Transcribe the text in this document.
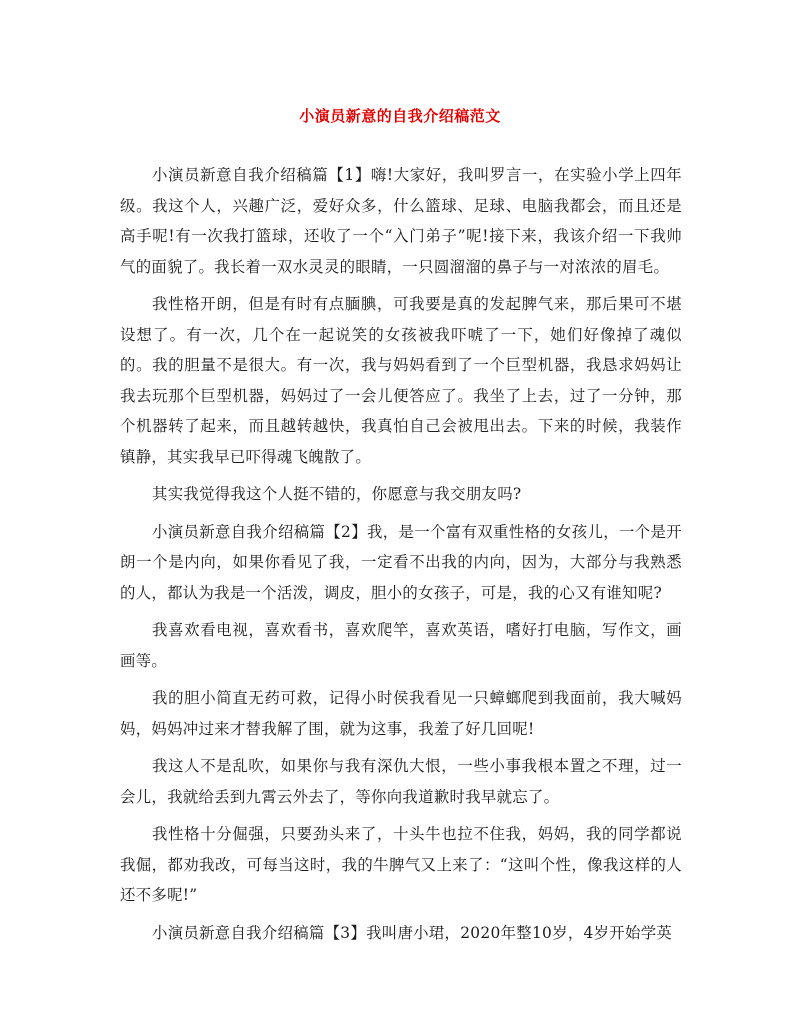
小演员新意的自我介绍稿范文

小演员新意自我介绍稿篇【1】嗨!大家好，我叫罗言一，在实验小学上四年级。我这个人，兴趣广泛，爱好众多，什么篮球、足球、电脑我都会，而且还是高手呢!有一次我打篮球，还收了一个“入门弟子”呢!接下来，我该介绍一下我帅气的面貌了。我长着一双水灵灵的眼睛，一只圆溜溜的鼻子与一对浓浓的眉毛。

我性格开朗，但是有时有点腼腆，可我要是真的发起脾气来，那后果可不堪设想了。有一次，几个在一起说笑的女孩被我吓唬了一下，她们好像掉了魂似的。我的胆量不是很大。有一次，我与妈妈看到了一个巨型机器，我恳求妈妈让我去玩那个巨型机器，妈妈过了一会儿便答应了。我坐了上去，过了一分钟，那个机器转了起来，而且越转越快，我真怕自己会被甩出去。下来的时候，我装作镇静，其实我早已吓得魂飞魄散了。

其实我觉得我这个人挺不错的，你愿意与我交朋友吗?

小演员新意自我介绍稿篇【2】我，是一个富有双重性格的女孩儿，一个是开朗一个是内向，如果你看见了我，一定看不出我的内向，因为，大部分与我熟悉的人，都认为我是一个活泼，调皮，胆小的女孩子，可是，我的心又有谁知呢?

我喜欢看电视，喜欢看书，喜欢爬竿，喜欢英语，嗜好打电脑，写作文，画画等。

我的胆小简直无药可救，记得小时侯我看见一只蟑螂爬到我面前，我大喊妈妈，妈妈冲过来才替我解了围，就为这事，我羞了好几回呢!

我这人不是乱吹，如果你与我有深仇大恨，一些小事我根本置之不理，过一会儿，我就给丢到九霄云外去了，等你向我道歉时我早就忘了。

我性格十分倔强，只要劲头来了，十头牛也拉不住我，妈妈，我的同学都说我倔，都劝我改，可每当这时，我的牛脾气又上来了：“这叫个性，像我这样的人还不多呢!”

小演员新意自我介绍稿篇【3】我叫唐小珺，2020年整10岁，4岁开始学英
